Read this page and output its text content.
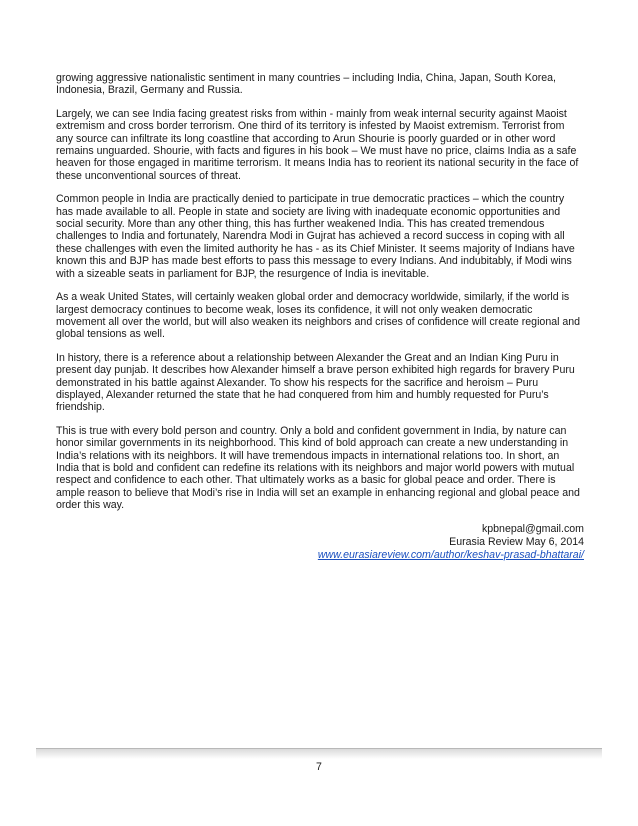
growing aggressive nationalistic sentiment in many countries – including India, China, Japan, South Korea, Indonesia, Brazil, Germany and Russia.

Largely, we can see India facing greatest risks from within - mainly from weak internal security against Maoist extremism and cross border terrorism. One third of its territory is infested by Maoist extremism. Terrorist from any source can infiltrate its long coastline that according to Arun Shourie is poorly guarded or in other word remains unguarded. Shourie, with facts and figures in his book – We must have no price, claims India as a safe heaven for those engaged in maritime terrorism. It means India has to reorient its national security in the face of these unconventional sources of threat.

Common people in India are practically denied to participate in true democratic practices – which the country has made available to all. People in state and society are living with inadequate economic opportunities and social security. More than any other thing, this has further weakened India. This has created tremendous challenges to India and fortunately, Narendra Modi in Gujrat has achieved a record success in coping with all these challenges with even the limited authority he has - as its Chief Minister. It seems majority of Indians have known this and BJP has made best efforts to pass this message to every Indians. And indubitably, if Modi wins with a sizeable seats in parliament for BJP, the resurgence of India is inevitable.

As a weak United States, will certainly weaken global order and democracy worldwide, similarly, if the world is largest democracy continues to become weak, loses its confidence, it will not only weaken democratic movement all over the world, but will also weaken its neighbors and crises of confidence will create regional and global tensions as well.

In history, there is a reference about a relationship between Alexander the Great and an Indian King Puru in present day punjab. It describes how Alexander himself a brave person exhibited high regards for bravery Puru demonstrated in his battle against Alexander. To show his respects for the sacrifice and heroism – Puru displayed, Alexander returned the state that he had conquered from him and humbly requested for Puru’s friendship.

This is true with every bold person and country. Only a bold and confident government in India, by nature can honor similar governments in its neighborhood. This kind of bold approach can create a new understanding in India’s relations with its neighbors. It will have tremendous impacts in international relations too. In short, an India that is bold and confident can redefine its relations with its neighbors and major world powers with mutual respect and confidence to each other. That ultimately works as a basic for global peace and order. There is ample reason to believe that Modi’s rise in India will set an example in enhancing regional and global peace and order this way.

kpbnepal@gmail.com
Eurasia Review May 6, 2014
www.eurasiareview.com/author/keshav-prasad-bhattarai/
7
